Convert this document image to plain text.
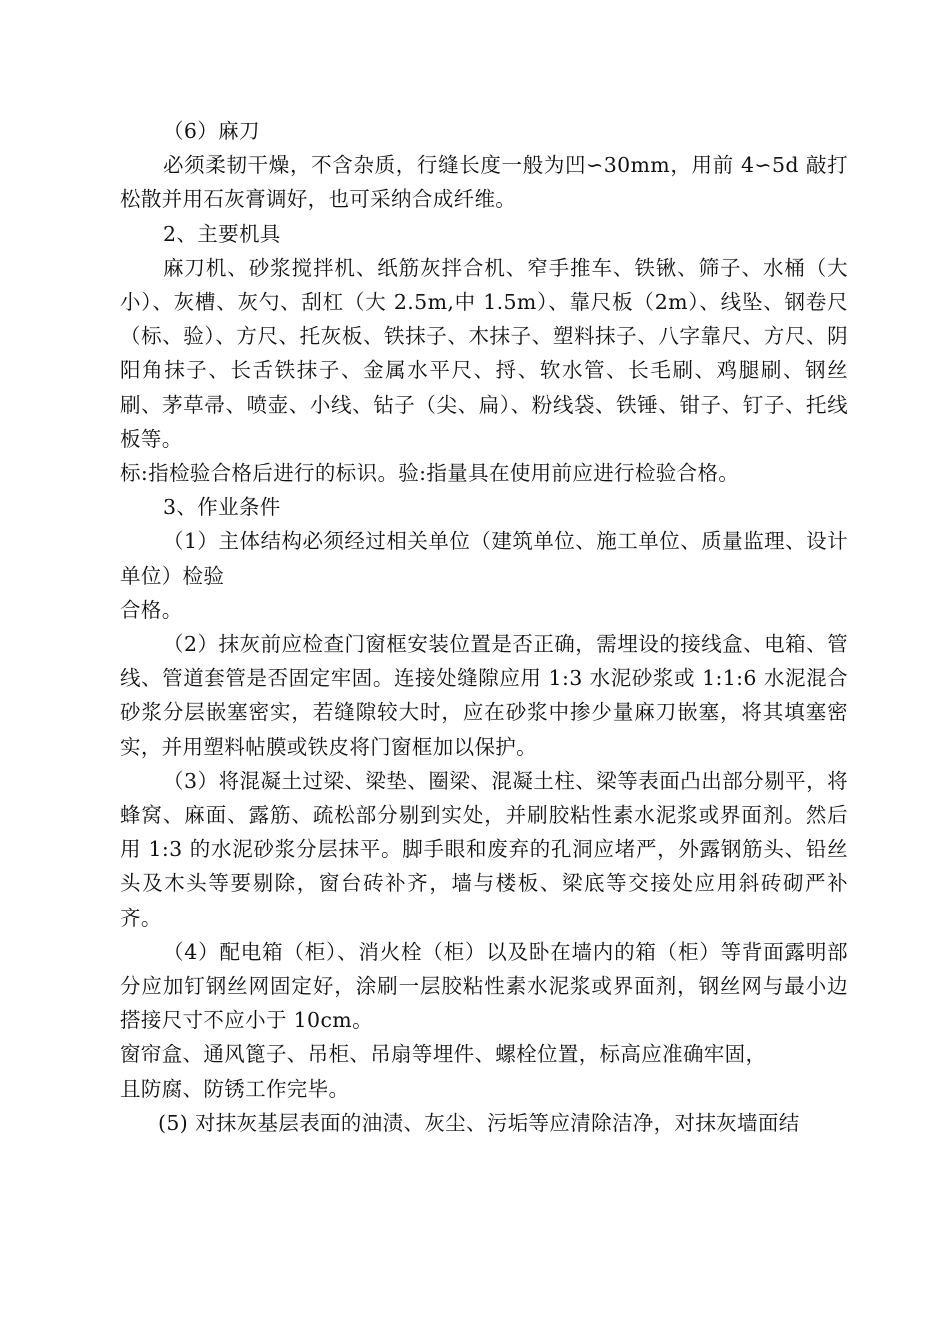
（6）麻刀

必须柔韧干燥，不含杂质，行缝长度一般为凹∽30mm，用前 4∽5d 敲打松散并用石灰膏调好，也可采纳合成纤维。

2、主要机具

麻刀机、砂浆搅拌机、纸筋灰拌合机、窄手推车、铁锹、筛子、水桶（大小）、灰槽、灰勺、刮杠（大 2.5m,中 1.5m）、靠尺板（2m）、线坠、钢卷尺（标、验）、方尺、托灰板、铁抹子、木抹子、塑料抹子、八字靠尺、方尺、阴阳角抹子、长舌铁抹子、金属水平尺、捋、软水管、长毛刷、鸡腿刷、钢丝刷、茅草帚、喷壶、小线、钻子（尖、扁）、粉线袋、铁锤、钳子、钉子、托线板等。

标:指检验合格后进行的标识。验:指量具在使用前应进行检验合格。

3、作业条件

（1）主体结构必须经过相关单位（建筑单位、施工单位、质量监理、设计单位）检验

合格。

（2）抹灰前应检查门窗框安装位置是否正确，需埋设的接线盒、电箱、管线、管道套管是否固定牢固。连接处缝隙应用 1:3 水泥砂浆或 1:1:6 水泥混合砂浆分层嵌塞密实，若缝隙较大时，应在砂浆中掺少量麻刀嵌塞，将其填塞密实，并用塑料帖膜或铁皮将门窗框加以保护。

（3）将混凝土过梁、梁垫、圈梁、混凝土柱、梁等表面凸出部分剔平，将蜂窝、麻面、露筋、疏松部分剔到实处，并刷胶粘性素水泥浆或界面剂。然后用 1:3 的水泥砂浆分层抹平。脚手眼和废弃的孔洞应堵严，外露钢筋头、铅丝头及木头等要剔除，窗台砖补齐，墙与楼板、梁底等交接处应用斜砖砌严补齐。

（4）配电箱（柜）、消火栓（柜）以及卧在墙内的箱（柜）等背面露明部分应加钉钢丝网固定好，涂刷一层胶粘性素水泥浆或界面剂，钢丝网与最小边搭接尺寸不应小于 10cm。

窗帘盒、通风篦子、吊柜、吊扇等埋件、螺栓位置，标高应准确牢固，

且防腐、防锈工作完毕。

(5) 对抹灰基层表面的油渍、灰尘、污垢等应清除洁净，对抹灰墙面结
